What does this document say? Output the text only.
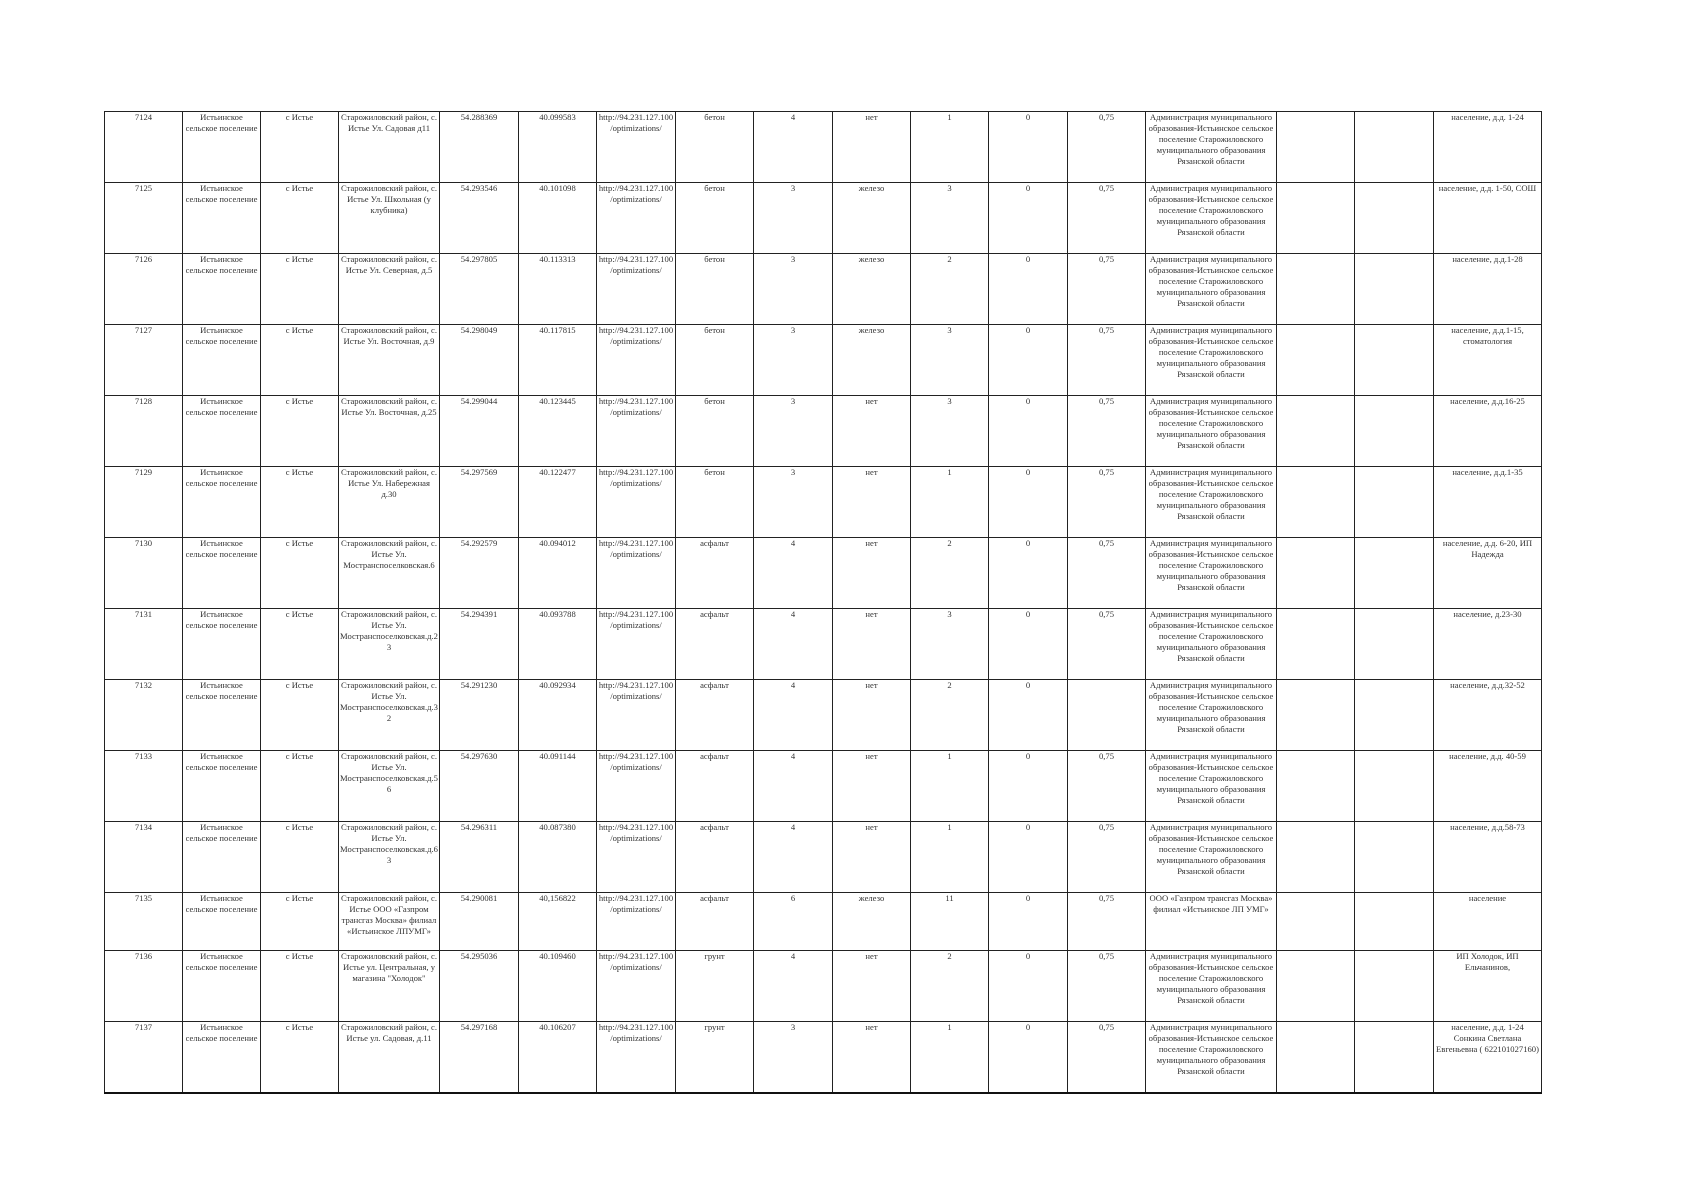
7124	Истьинское сельское поселение	с Истье	Старожиловский район, с. Истье Ул. Садовая д11	54.288369	40.099583	http://94.231.127.100/optimizations/	бетон	4	нет	1	0	0,75	Администрация муниципального образования-Истьинское сельское поселение Старожиловского муниципального образования Рязанской области			население, д.д. 1-24
7125	Истьинское сельское поселение	с Истье	Старожиловский район, с. Истье Ул. Школьная (у клубника)	54.293546	40.101098	http://94.231.127.100/optimizations/	бетон	3	железо	3	0	0,75	Администрация муниципального образования-Истьинское сельское поселение Старожиловского муниципального образования Рязанской области			население, д.д. 1-50, СОШ
7126	Истьинское сельское поселение	с Истье	Старожиловский район, с. Истье Ул. Северная, д.5	54.297805	40.113313	http://94.231.127.100/optimizations/	бетон	3	железо	2	0	0,75	Администрация муниципального образования-Истьинское сельское поселение Старожиловского муниципального образования Рязанской области			население, д.д.1-28
7127	Истьинское сельское поселение	с Истье	Старожиловский район, с. Истье Ул. Восточная, д.9	54.298049	40.117815	http://94.231.127.100/optimizations/	бетон	3	железо	3	0	0,75	Администрация муниципального образования-Истьинское сельское поселение Старожиловского муниципального образования Рязанской области			население, д.д.1-15, стоматология
7128	Истьинское сельское поселение	с Истье	Старожиловский район, с. Истье Ул. Восточная, д.25	54.299044	40.123445	http://94.231.127.100/optimizations/	бетон	3	нет	3	0	0,75	Администрация муниципального образования-Истьинское сельское поселение Старожиловского муниципального образования Рязанской области			население, д.д.16-25
7129	Истьинское сельское поселение	с Истье	Старожиловский район, с. Истье Ул. Набережная д.30	54.297569	40.122477	http://94.231.127.100/optimizations/	бетон	3	нет	1	0	0,75	Администрация муниципального образования-Истьинское сельское поселение Старожиловского муниципального образования Рязанской области			население, д.д.1-35
7130	Истьинское сельское поселение	с Истье	Старожиловский район, с. Истье Ул. Мостранспоселковская.6	54.292579	40.094012	http://94.231.127.100/optimizations/	асфальт	4	нет	2	0	0,75	Администрация муниципального образования-Истьинское сельское поселение Старожиловского муниципального образования Рязанской области			население, д.д. 6-20, ИП Надежда
7131	Истьинское сельское поселение	с Истье	Старожиловский район, с. Истье Ул. Мостранспоселковская.д.23	54.294391	40.093788	http://94.231.127.100/optimizations/	асфальт	4	нет	3	0	0,75	Администрация муниципального образования-Истьинское сельское поселение Старожиловского муниципального образования Рязанской области			население, д.23-30
7132	Истьинское сельское поселение	с Истье	Старожиловский район, с. Истье Ул. Мостранспоселковская.д.32	54.291230	40.092934	http://94.231.127.100/optimizations/	асфальт	4	нет	2	0		Администрация муниципального образования-Истьинское сельское поселение Старожиловского муниципального образования Рязанской области			население, д.д.32-52
7133	Истьинское сельское поселение	с Истье	Старожиловский район, с. Истье Ул. Мостранспоселковская.д.56	54.297630	40.091144	http://94.231.127.100/optimizations/	асфальт	4	нет	1	0	0,75	Администрация муниципального образования-Истьинское сельское поселение Старожиловского муниципального образования Рязанской области			население, д.д. 40-59
7134	Истьинское сельское поселение	с Истье	Старожиловский район, с. Истье Ул. Мостранспоселковская.д.63	54.296311	40.087380	http://94.231.127.100/optimizations/	асфальт	4	нет	1	0	0,75	Администрация муниципального образования-Истьинское сельское поселение Старожиловского муниципального образования Рязанской области			население, д.д.58-73
7135	Истьинское сельское поселение	с Истье	Старожиловский район, с. Истье ООО «Газпром трансгаз Москва» филиал «Истьинское ЛПУМГ»	54.290081	40,156822	http://94.231.127.100/optimizations/	асфальт	6	железо	11	0	0,75	ООО «Газпром трансгаз Москва» филиал «Истьинское ЛП УМГ»			население
7136	Истьинское сельское поселение	с Истье	Старожиловский район, с. Истье ул. Центральная, у магазина "Холодок"	54.295036	40.109460	http://94.231.127.100/optimizations/	грунт	4	нет	2	0	0,75	Администрация муниципального образования-Истьинское сельское поселение Старожиловского муниципального образования Рязанской области			ИП Холодок, ИП Ельчанинов,
7137	Истьинское сельское поселение	с Истье	Старожиловский район, с. Истье ул. Садовая, д.11	54.297168	40.106207	http://94.231.127.100/optimizations/	грунт	3	нет	1	0	0,75	Администрация муниципального образования-Истьинское сельское поселение Старожиловского муниципального образования Рязанской области			население, д.д. 1-24 Сонкина Светлана Евгеньевна ( 622101027160)
